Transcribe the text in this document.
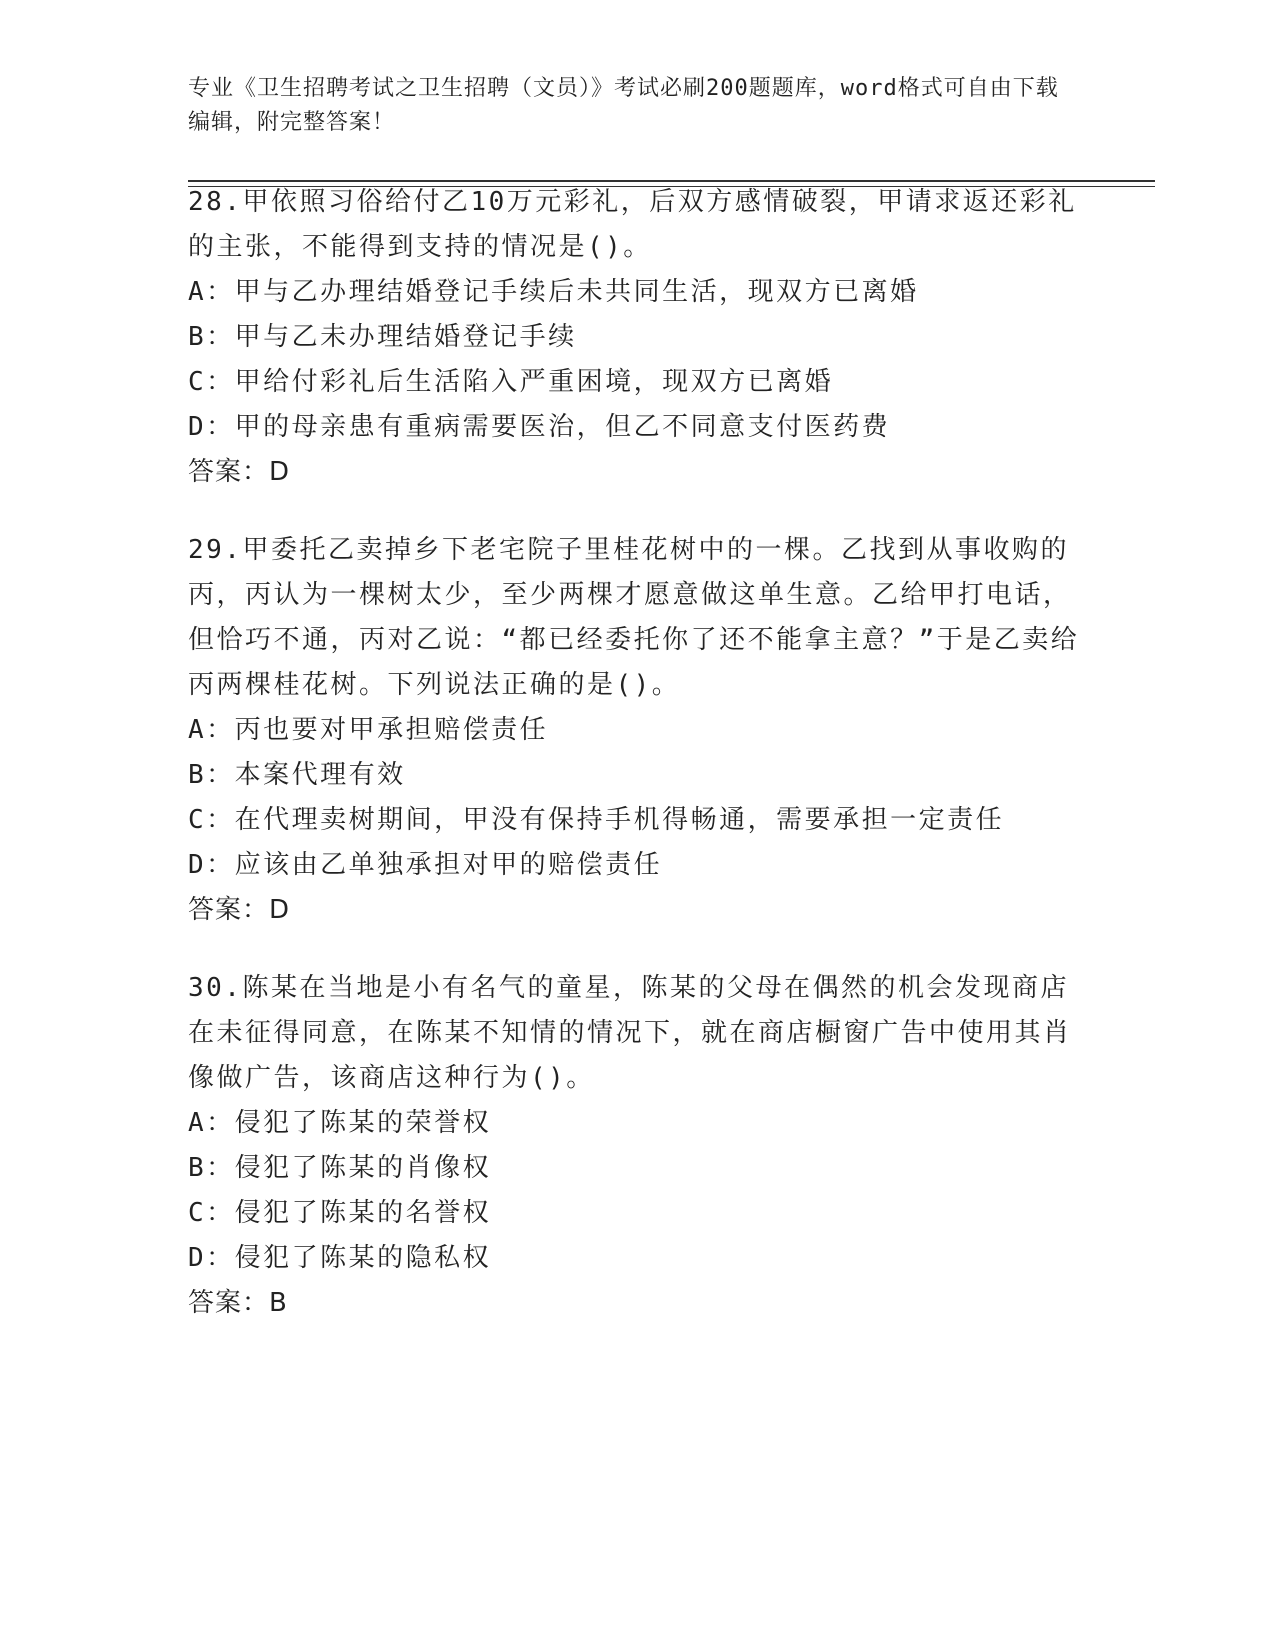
专业《卫生招聘考试之卫生招聘（文员）》考试必刷200题题库，word格式可自由下载编辑，附完整答案！

28.甲依照习俗给付乙10万元彩礼，后双方感情破裂，甲请求返还彩礼的主张，不能得到支持的情况是()。

A：甲与乙办理结婚登记手续后未共同生活，现双方已离婚

B：甲与乙未办理结婚登记手续

C：甲给付彩礼后生活陷入严重困境，现双方已离婚

D：甲的母亲患有重病需要医治，但乙不同意支付医药费

答案：D

29.甲委托乙卖掉乡下老宅院子里桂花树中的一棵。乙找到从事收购的丙，丙认为一棵树太少，至少两棵才愿意做这单生意。乙给甲打电话，但恰巧不通，丙对乙说：“都已经委托你了还不能拿主意？”于是乙卖给丙两棵桂花树。下列说法正确的是()。

A：丙也要对甲承担赔偿责任

B：本案代理有效

C：在代理卖树期间，甲没有保持手机得畅通，需要承担一定责任

D：应该由乙单独承担对甲的赔偿责任

答案：D

30.陈某在当地是小有名气的童星，陈某的父母在偶然的机会发现商店在未征得同意，在陈某不知情的情况下，就在商店橱窗广告中使用其肖像做广告，该商店这种行为()。

A：侵犯了陈某的荣誉权

B：侵犯了陈某的肖像权

C：侵犯了陈某的名誉权

D：侵犯了陈某的隐私权

答案：B
